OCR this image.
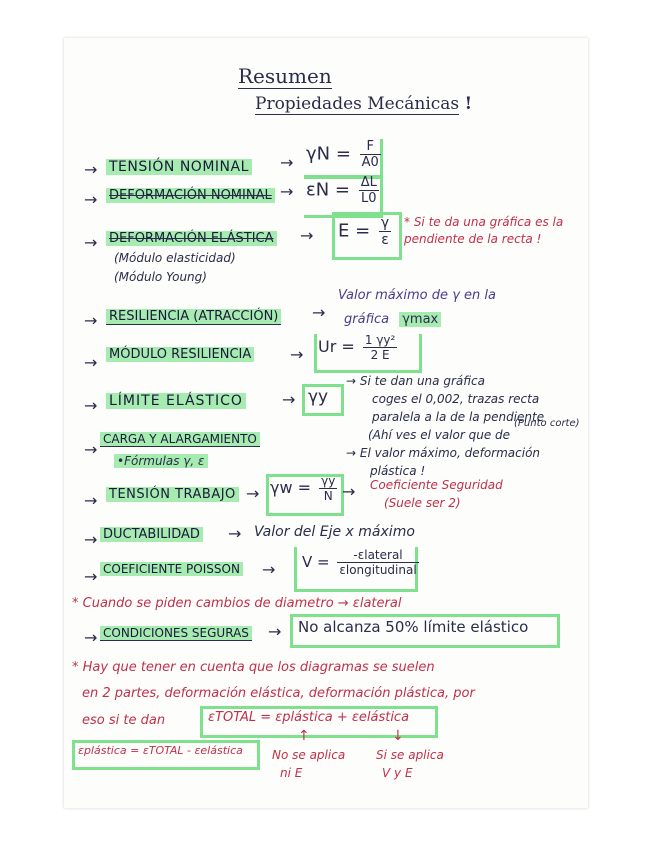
Resumen
Propiedades Mecánicas !
→ TENSIÓN NOMINAL → $\gamma N = \frac{F}{A0}$
→ DEFORMACIÓN NOMINAL → $\varepsilon N = \frac{\Delta L}{L0}$
→ DEFORMACIÓN ELÁSTICA
(Módulo elasticidad)
(Módulo Young)
→ $E = \frac{\gamma}{\varepsilon} * Si$ te da una gráfica es la pendiente de la recta !
→ RESILIENCIA (ATRACCIÓN) →
Valor máximo de γ en la
gráfica γmax
→ MÓDULO RESILIENCIA → $Ur = \frac{\text{1 γy²}}{2 E}$
→ LÍMITE ELÁSTICO → γy
→ Si te dan una gráfica
coges el 0,002, trazas recta
paralela a la de la pendiente
(Ahí ves el valor que de
(Punto corte)
→
CARGA Y ALARGAMIENTO
•Fórmulas γ, ε
→ El valor máximo, deformación
plástica !
→ TENSIÓN TRABAJO → $\gamma w = \frac{\gamma y}{N}$ → Coeficiente Seguridad
(Suele ser 2)
→ DUCTABILIDAD → Valor del Eje x máximo
→ COEFICIENTE POISSON → $V = \frac{\text{-εlateral}}{\text{εlongitudinal}}$
* Cuando se piden cambios de diametro → εlateral
→ CONDICIONES SEGURAS → No alcanza 50% límite elástico
* Hay que tener en cuenta que los diagramas se suelen
en 2 partes, deformación elástica, deformación plástica, por
eso si te dan	εTOTAL = εplástica + εelástica
εplástica = εTOTAL - εelástica
↑
No se aplica
ni E
↓
Si se aplica
V y E
